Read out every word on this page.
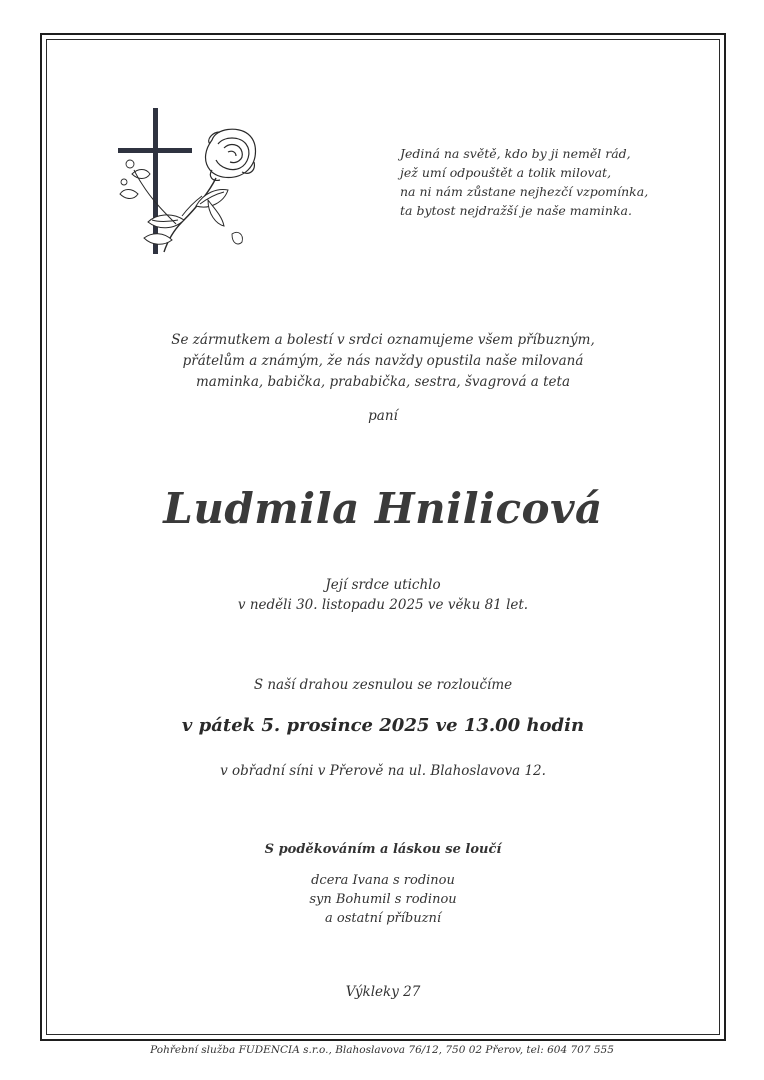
Jediná na světě, kdo by ji neměl rád,
jež umí odpouštět a tolik milovat,
na ni nám zůstane nejhezčí vzpomínka,
ta bytost nejdražší je naše maminka.
Se zármutkem a bolestí v srdci oznamujeme všem příbuzným,
přátelům a známým, že nás navždy opustila naše milovaná
maminka, babička, prababička, sestra, švagrová a teta
paní
Ludmila Hnilicová
Její srdce utichlo
v neděli 30. listopadu 2025 ve věku 81 let.
S naší drahou zesnulou se rozloučíme
v pátek 5. prosince 2025 ve 13.00 hodin
v obřadní síni v Přerově na ul. Blahoslavova 12.
S poděkováním a láskou se loučí
dcera Ivana s rodinou
syn Bohumil s rodinou
a ostatní příbuzní
Výkleky 27
Pohřební služba FUDENCIA s.r.o., Blahoslavova 76/12, 750 02 Přerov, tel: 604 707 555
